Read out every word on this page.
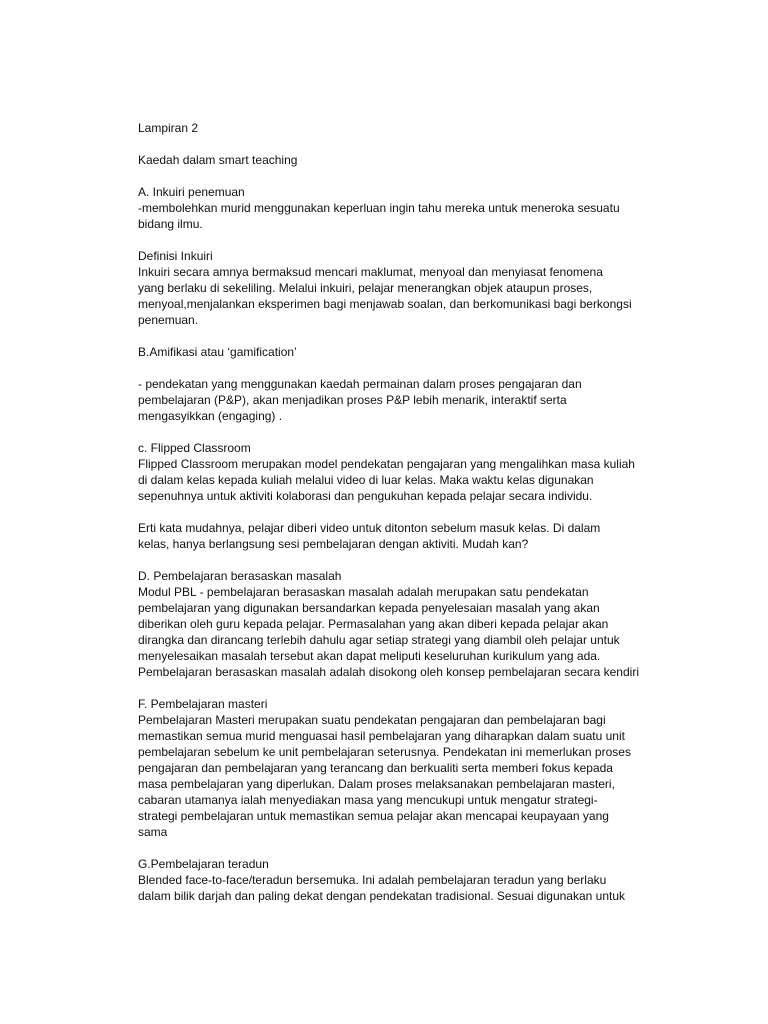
Lampiran 2

Kaedah dalam smart teaching

A. Inkuiri penemuan

-membolehkan murid menggunakan keperluan ingin tahu mereka untuk meneroka sesuatu
bidang ilmu.

Definisi Inkuiri

Inkuiri secara amnya bermaksud mencari maklumat, menyoal dan menyiasat fenomena
yang berlaku di sekeliling. Melalui inkuiri, pelajar menerangkan objek ataupun proses,
menyoal,menjalankan eksperimen bagi menjawab soalan, dan berkomunikasi bagi berkongsi
penemuan.

B.Amifikasi atau ‘gamification’

- pendekatan yang menggunakan kaedah permainan dalam proses pengajaran dan
pembelajaran (P&P), akan menjadikan proses P&P lebih menarik, interaktif serta
mengasyikkan (engaging) .

c. Flipped Classroom

Flipped Classroom merupakan model pendekatan pengajaran yang mengalihkan masa kuliah
di dalam kelas kepada kuliah melalui video di luar kelas. Maka waktu kelas digunakan
sepenuhnya untuk aktiviti kolaborasi dan pengukuhan kepada pelajar secara individu.

Erti kata mudahnya, pelajar diberi video untuk ditonton sebelum masuk kelas. Di dalam
kelas, hanya berlangsung sesi pembelajaran dengan aktiviti. Mudah kan?

D. Pembelajaran berasaskan masalah

Modul PBL - pembelajaran berasaskan masalah adalah merupakan satu pendekatan
pembelajaran yang digunakan bersandarkan kepada penyelesaian masalah yang akan
diberikan oleh guru kepada pelajar. Permasalahan yang akan diberi kepada pelajar akan
dirangka dan dirancang terlebih dahulu agar setiap strategi yang diambil oleh pelajar untuk
menyelesaikan masalah tersebut akan dapat meliputi keseluruhan kurikulum yang ada.
Pembelajaran berasaskan masalah adalah disokong oleh konsep pembelajaran secara kendiri

F. Pembelajaran masteri

Pembelajaran Masteri merupakan suatu pendekatan pengajaran dan pembelajaran bagi
memastikan semua murid menguasai hasil pembelajaran yang diharapkan dalam suatu unit
pembelajaran sebelum ke unit pembelajaran seterusnya. Pendekatan ini memerlukan proses
pengajaran dan pembelajaran yang terancang dan berkualiti serta memberi fokus kepada
masa pembelajaran yang diperlukan. Dalam proses melaksanakan pembelajaran masteri,
cabaran utamanya ialah menyediakan masa yang mencukupi untuk mengatur strategi-
strategi pembelajaran untuk memastikan semua pelajar akan mencapai keupayaan yang
sama

G.Pembelajaran teradun

Blended face-to-face/teradun bersemuka. Ini adalah pembelajaran teradun yang berlaku
dalam bilik darjah dan paling dekat dengan pendekatan tradisional. Sesuai digunakan untuk
